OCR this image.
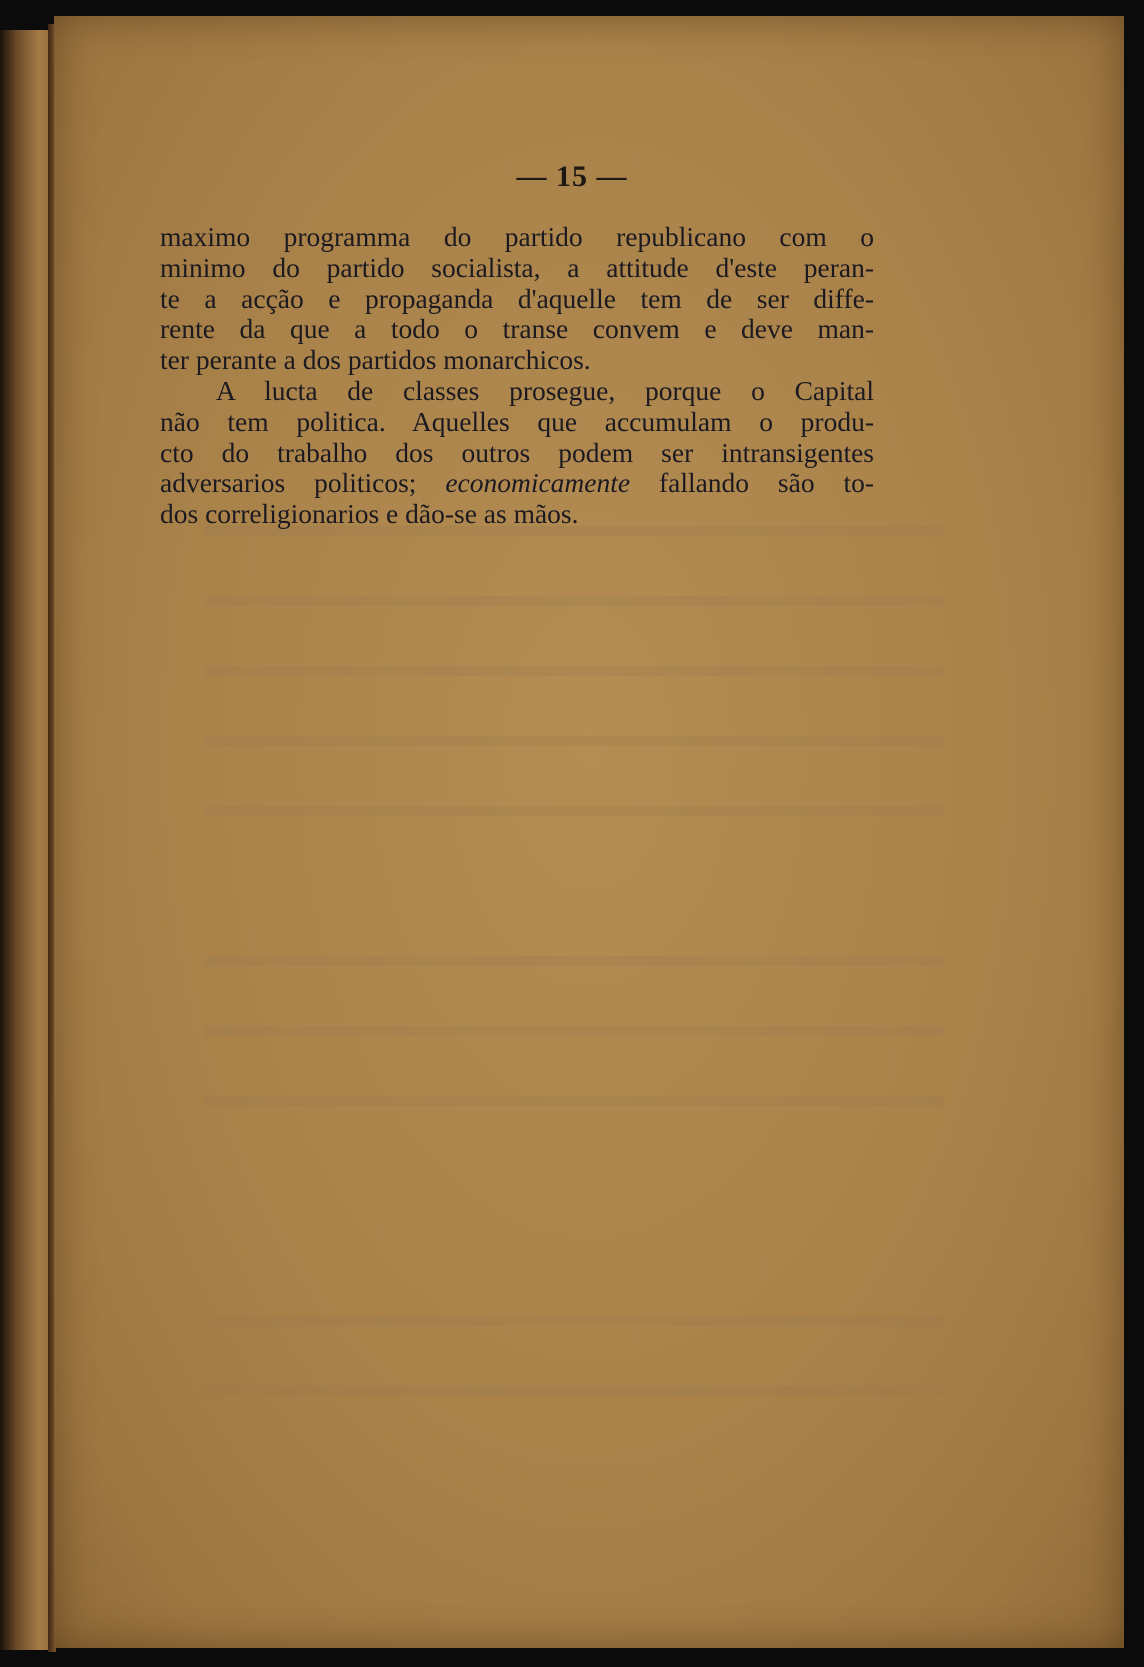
— 15 —
maximo programma do partido republicano com o
minimo do partido socialista, a attitude d'este peran-
te a acção e propaganda d'aquelle tem de ser diffe-
rente da que a todo o transe convem e deve man-
ter perante a dos partidos monarchicos.
A lucta de classes prosegue, porque o Capital
não tem politica. Aquelles que accumulam o produ-
cto do trabalho dos outros podem ser intransigentes
adversarios politicos; economicamente fallando são to-
dos correligionarios e dão-se as mãos.
